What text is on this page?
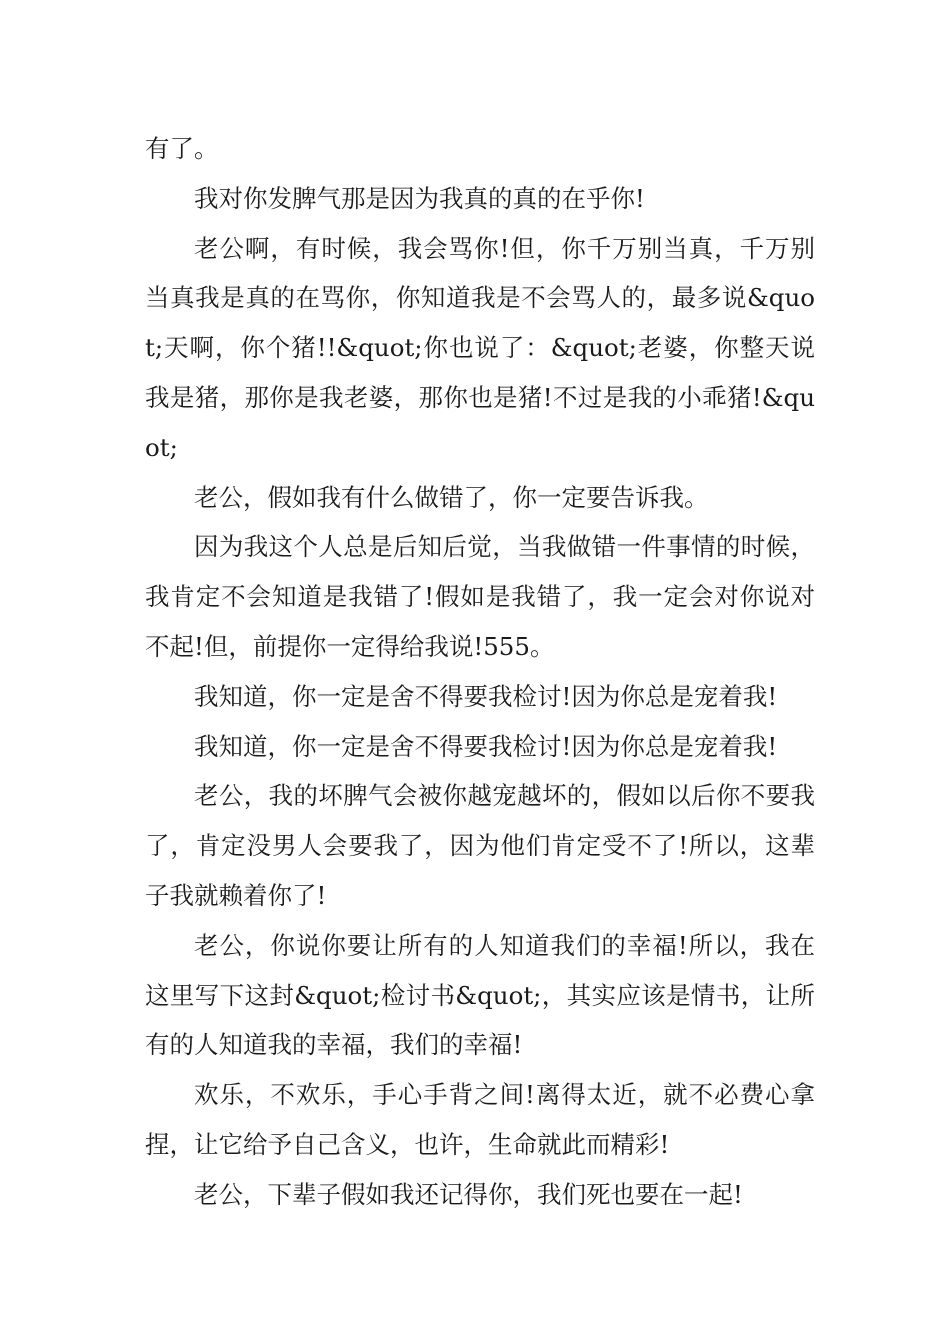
有了。

我对你发脾气那是因为我真的真的在乎你!

老公啊，有时候，我会骂你!但，你千万别当真，千万别当真我是真的在骂你，你知道我是不会骂人的，最多说&quot;天啊，你个猪!!&quot;你也说了：&quot;老婆，你整天说我是猪，那你是我老婆，那你也是猪!不过是我的小乖猪!&quot;

老公，假如我有什么做错了，你一定要告诉我。

因为我这个人总是后知后觉，当我做错一件事情的时候，我肯定不会知道是我错了!假如是我错了，我一定会对你说对不起!但，前提你一定得给我说!555。

我知道，你一定是舍不得要我检讨!因为你总是宠着我!

我知道，你一定是舍不得要我检讨!因为你总是宠着我!

老公，我的坏脾气会被你越宠越坏的，假如以后你不要我了，肯定没男人会要我了，因为他们肯定受不了!所以，这辈子我就赖着你了!

老公，你说你要让所有的人知道我们的幸福!所以，我在这里写下这封&quot;检讨书&quot;，其实应该是情书，让所有的人知道我的幸福，我们的幸福!

欢乐，不欢乐，手心手背之间!离得太近，就不必费心拿捏，让它给予自己含义，也许，生命就此而精彩!

老公，下辈子假如我还记得你，我们死也要在一起!
